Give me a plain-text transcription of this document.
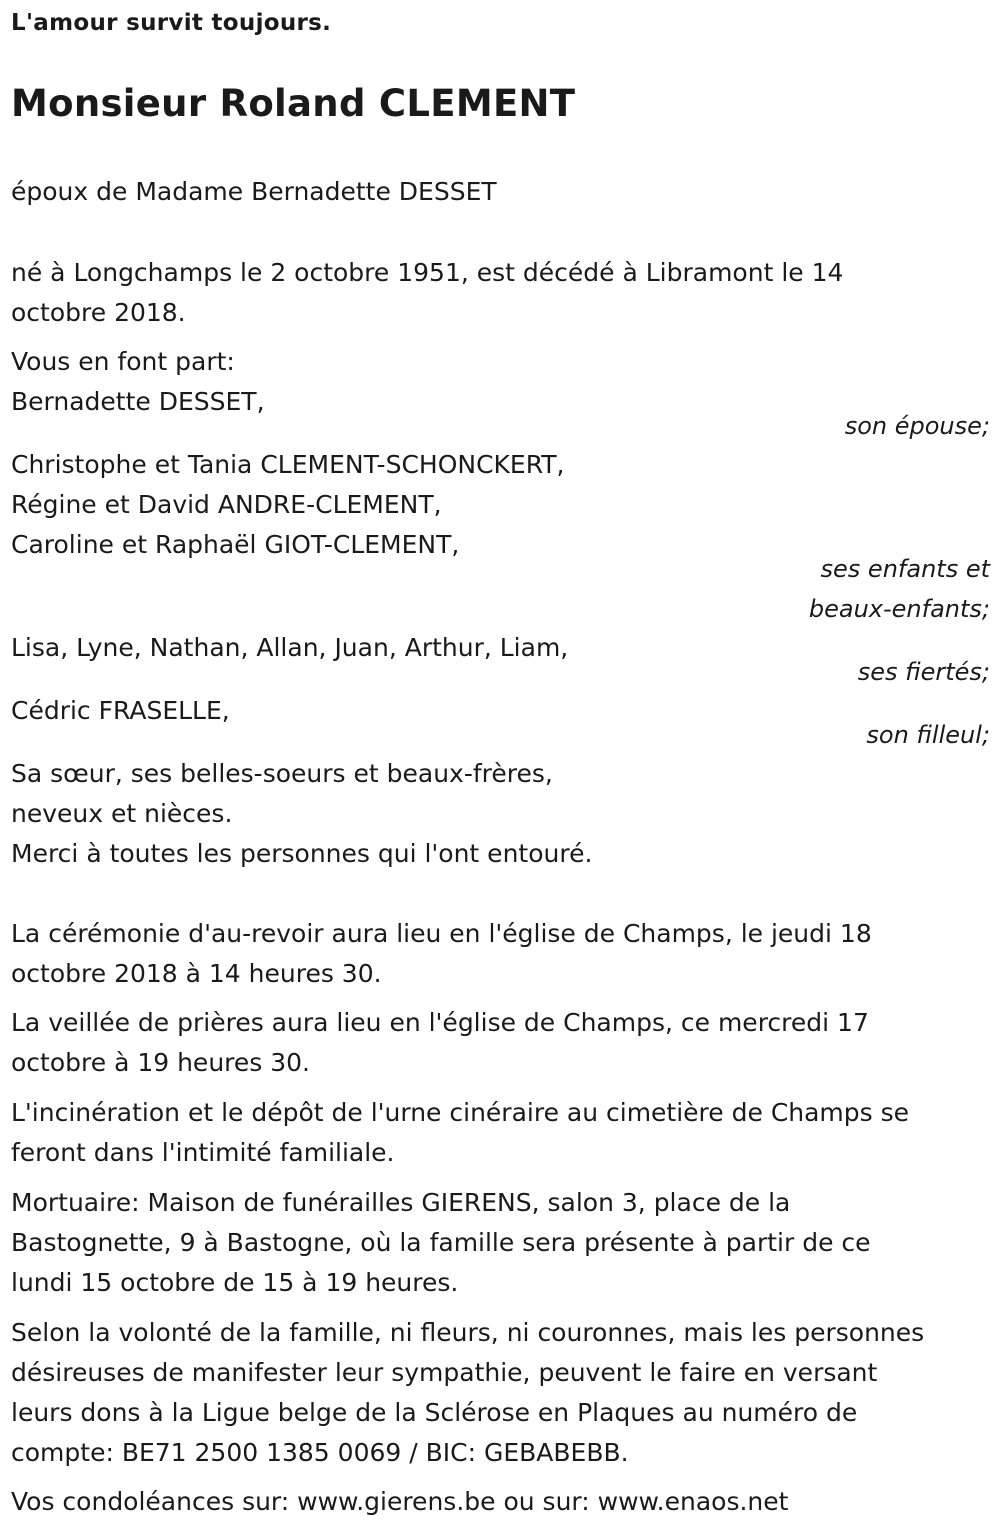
L'amour survit toujours.
Monsieur Roland CLEMENT
époux de Madame Bernadette DESSET
né à Longchamps le 2 octobre 1951, est décédé à Libramont le 14
octobre 2018.
Vous en font part:
Bernadette DESSET,
son épouse;
Christophe et Tania CLEMENT-SCHONCKERT,
Régine et David ANDRE-CLEMENT,
Caroline et Raphaël GIOT-CLEMENT,
ses enfants et
beaux-enfants;
Lisa, Lyne, Nathan, Allan, Juan, Arthur, Liam,
ses fiertés;
Cédric FRASELLE,
son filleul;
Sa sœur, ses belles-soeurs et beaux-frères,
neveux et nièces.
Merci à toutes les personnes qui l'ont entouré.
La cérémonie d'au-revoir aura lieu en l'église de Champs, le jeudi 18
octobre 2018 à 14 heures 30.
La veillée de prières aura lieu en l'église de Champs, ce mercredi 17
octobre à 19 heures 30.
L'incinération et le dépôt de l'urne cinéraire au cimetière de Champs se
feront dans l'intimité familiale.
Mortuaire: Maison de funérailles GIERENS, salon 3, place de la
Bastognette, 9 à Bastogne, où la famille sera présente à partir de ce
lundi 15 octobre de 15 à 19 heures.
Selon la volonté de la famille, ni fleurs, ni couronnes, mais les personnes
désireuses de manifester leur sympathie, peuvent le faire en versant
leurs dons à la Ligue belge de la Sclérose en Plaques au numéro de
compte: BE71 2500 1385 0069 / BIC: GEBABEBB.
Vos condoléances sur: www.gierens.be ou sur: www.enaos.net
